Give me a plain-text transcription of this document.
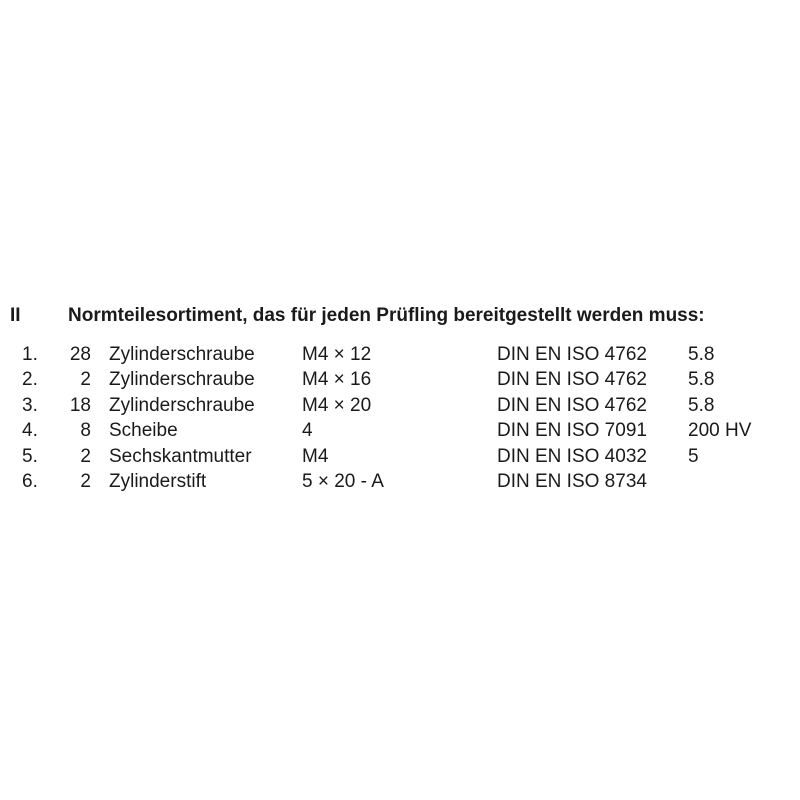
II Normteilesortiment, das für jeden Prüfling bereitgestellt werden muss:
1. 28 Zylinderschraube M4 × 12	DIN EN ISO 4762 5.8
2. 2 Zylinderschraube M4 × 16	DIN EN ISO 4762 5.8
3. 18 Zylinderschraube M4 × 20	DIN EN ISO 4762 5.8
4. 8 Scheibe	4	DIN EN ISO 7091 200 HV
5. 2 Sechskantmutter	M4	DIN EN ISO 4032 5
6. 2 Zylinderstift	5 × 20 - A	DIN EN ISO 8734
